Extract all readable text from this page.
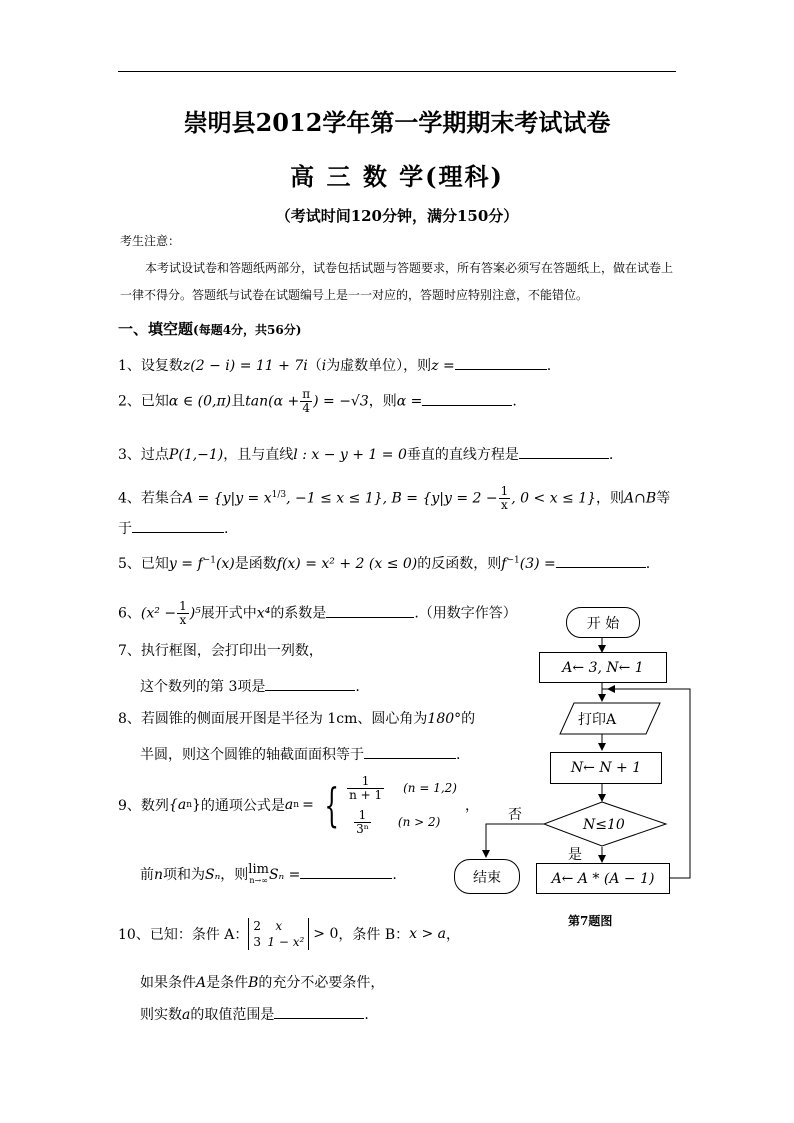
崇明县2012学年第一学期期末考试试卷
高 三 数 学(理科)
（考试时间120分钟，满分150分）
考生注意：
本考试设试卷和答题纸两部分，试卷包括试题与答题要求，所有答案必须写在答题纸上，做在试卷上
一律不得分。答题纸与试卷在试题编号上是一一对应的，答题时应特别注意，不能错位。
一、填空题(每题4分，共56分)
1、设复数z(2 − i) = 11 + 7i（i为虚数单位），则z =	.
2、已知α ∈ (0,π)且$\tan(\alpha + \frac{\pi}{4}$ ) = −√3，则α =	.
3、过点P(1,−1)，且与直线l : x − y + 1 = 0垂直的直线方程是	.
4、若集合$A = \{y|y = x^{1/3}$, −1 ≤ x ≤ 1}, $B = \{y|y = 2 - \frac{1}{x}$ , 0 < x ≤ 1}，则A∩B等
于	.
5、已知$y = f^{-1}(x)$是函数f(x) = x² + 2 (x ≤ 0)的反函数，则$f^{-1}(3)$ =	.
6、$(x^2 - \frac{1}{x} )^5$展开式中x⁴的系数是	.（用数字作答）
7、执行框图，会打印出一列数，
这个数列的第 3项是	.
8、若圆锥的侧面展开图是半径为 1cm、圆心角为180°的
半圆，则这个圆锥的轴截面面积等于	.
9、 数列 {a n } 的通项公式是 a n = { $\frac{1}{n + 1} (n = 1,2)$
$\frac{1}{\text{3ⁿ}} (n > 2)$
，
前n项和为Sₙ，则 lim
n→∞ Sₙ =	.
10、 已知：条件 A：
2	x
3 1 − x² > 0 ，条件 B： x > a ，
如果条件A是条件B的充分不必要条件，
则实数a的取值范围是	.
开 始
A← 3, N← 1
打印A
N← N + 1
N≤10
否
是
A← A * (A − 1)
结束
第7题图
